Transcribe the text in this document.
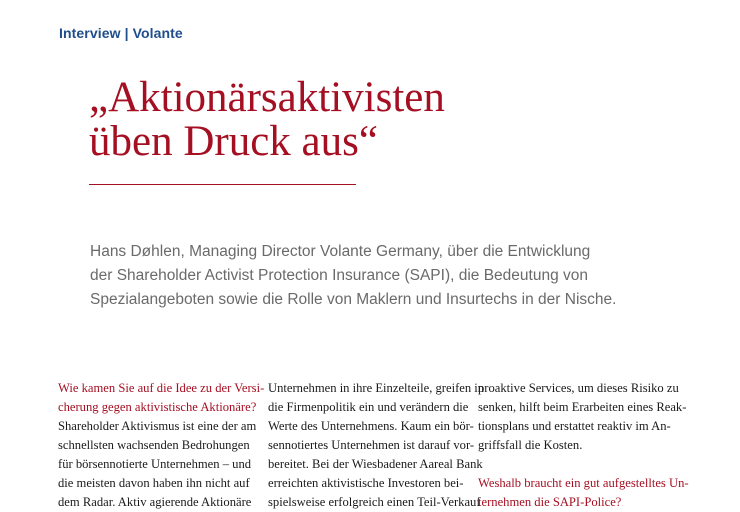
Interview | Volante
„Aktionärsaktivisten
üben Druck aus“

Hans Døhlen, Managing Director Volante Germany, über die Entwicklung
der Shareholder Activist Protection Insurance (SAPI), die Bedeutung von
Spezialangeboten sowie die Rolle von Maklern und Insurtechs in der Nische.

Wie kamen Sie auf die Idee zu der Versi-
cherung gegen aktivistische Aktionäre?
Shareholder Aktivismus ist eine der am
schnellsten wachsenden Bedrohungen
für börsennotierte Unternehmen – und
die meisten davon haben ihn nicht auf
dem Radar. Aktiv agierende Aktionäre
Unternehmen in ihre Einzelteile, greifen in
die Firmenpolitik ein und verändern die
Werte des Unternehmens. Kaum ein bör-
sennotiertes Unternehmen ist darauf vor-
bereitet. Bei der Wiesbadener Aareal Bank
erreichten aktivistische Investoren bei-
spielsweise erfolgreich einen Teil-Verkauf
proaktive Services, um dieses Risiko zu
senken, hilft beim Erarbeiten eines Reak-
tionsplans und erstattet reaktiv im An-
griffsfall die Kosten.
Weshalb braucht ein gut aufgestelltes Un-
ternehmen die SAPI-Police?
